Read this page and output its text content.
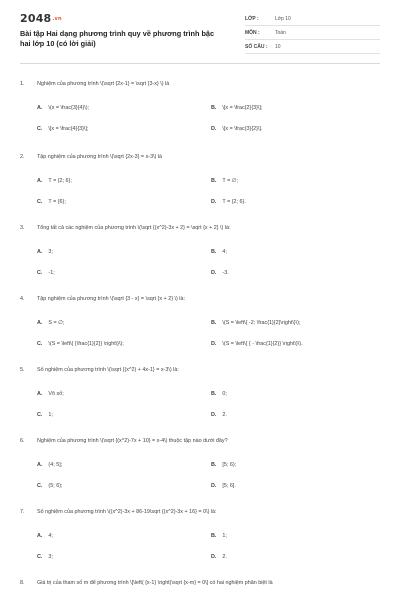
2048.vn
Bài tập Hai dạng phương trình quy về phương trình bậc hai lớp 10 (có lời giải)
LỚP :	Lớp 10
MÔN :	Toán
SỐ CÂU : 10
1. Nghiệm của phương trình \(\sqrt {2x-1} = \sqrt {3-x} \) là
A. \(x = \frac{3}{4}\);	B. \[x = \frac{2}{3}\];
C. \[x = \frac{4}{3}\];	D. \[x = \frac{3}{2}\].
2. Tập nghiệm của phương trình \(\sqrt {2x-3} = x-3\) là
A. T = {2; 6};	B. T = ∅;
C. T = {6};	D. T = {2; 6}.
3. Tổng tất cả các nghiệm của phương trình \(\sqrt {(x^2)-3x + 2} = \sqrt {x + 2} \) là:
A. 3;	B. 4;
C. -1;	D. -3.
4. Tập nghiệm của phương trình \(\sqrt {3 - x} = \sqrt {x + 2} \) là:
A. S = ∅;	B. \(S = \left\{ -2; \frac{1}{2}\right\}\);
C. \(S = \left\{ {\frac{1}{2}} \right\}\);	D. \(S = \left\{ { - \frac{1}{2}} \right\}\).
5. Số nghiệm của phương trình \(\sqrt {(x^2) + 4x-1} = x-3\) là:
A. Vô số;	B. 0;
C. 1;	D. 2.
6. Nghiệm của phương trình \(\sqrt {(x^2)-7x + 10} = x-4\) thuộc tập nào dưới đây?
A. (4; 5];	B. [5; 6);
C. (5; 6);	D. [5; 6].
7. Số nghiệm của phương trình \((x^2)-3x + 86-19\sqrt {(x^2)-3x + 16} = 0\) là:
A. 4;	B. 1;
C. 3;	D. 2.
8. Giá trị của tham số m để phương trình \[\left( {x-1} \right)\sqrt {x-m} = 0\] có hai nghiệm phân biệt là
